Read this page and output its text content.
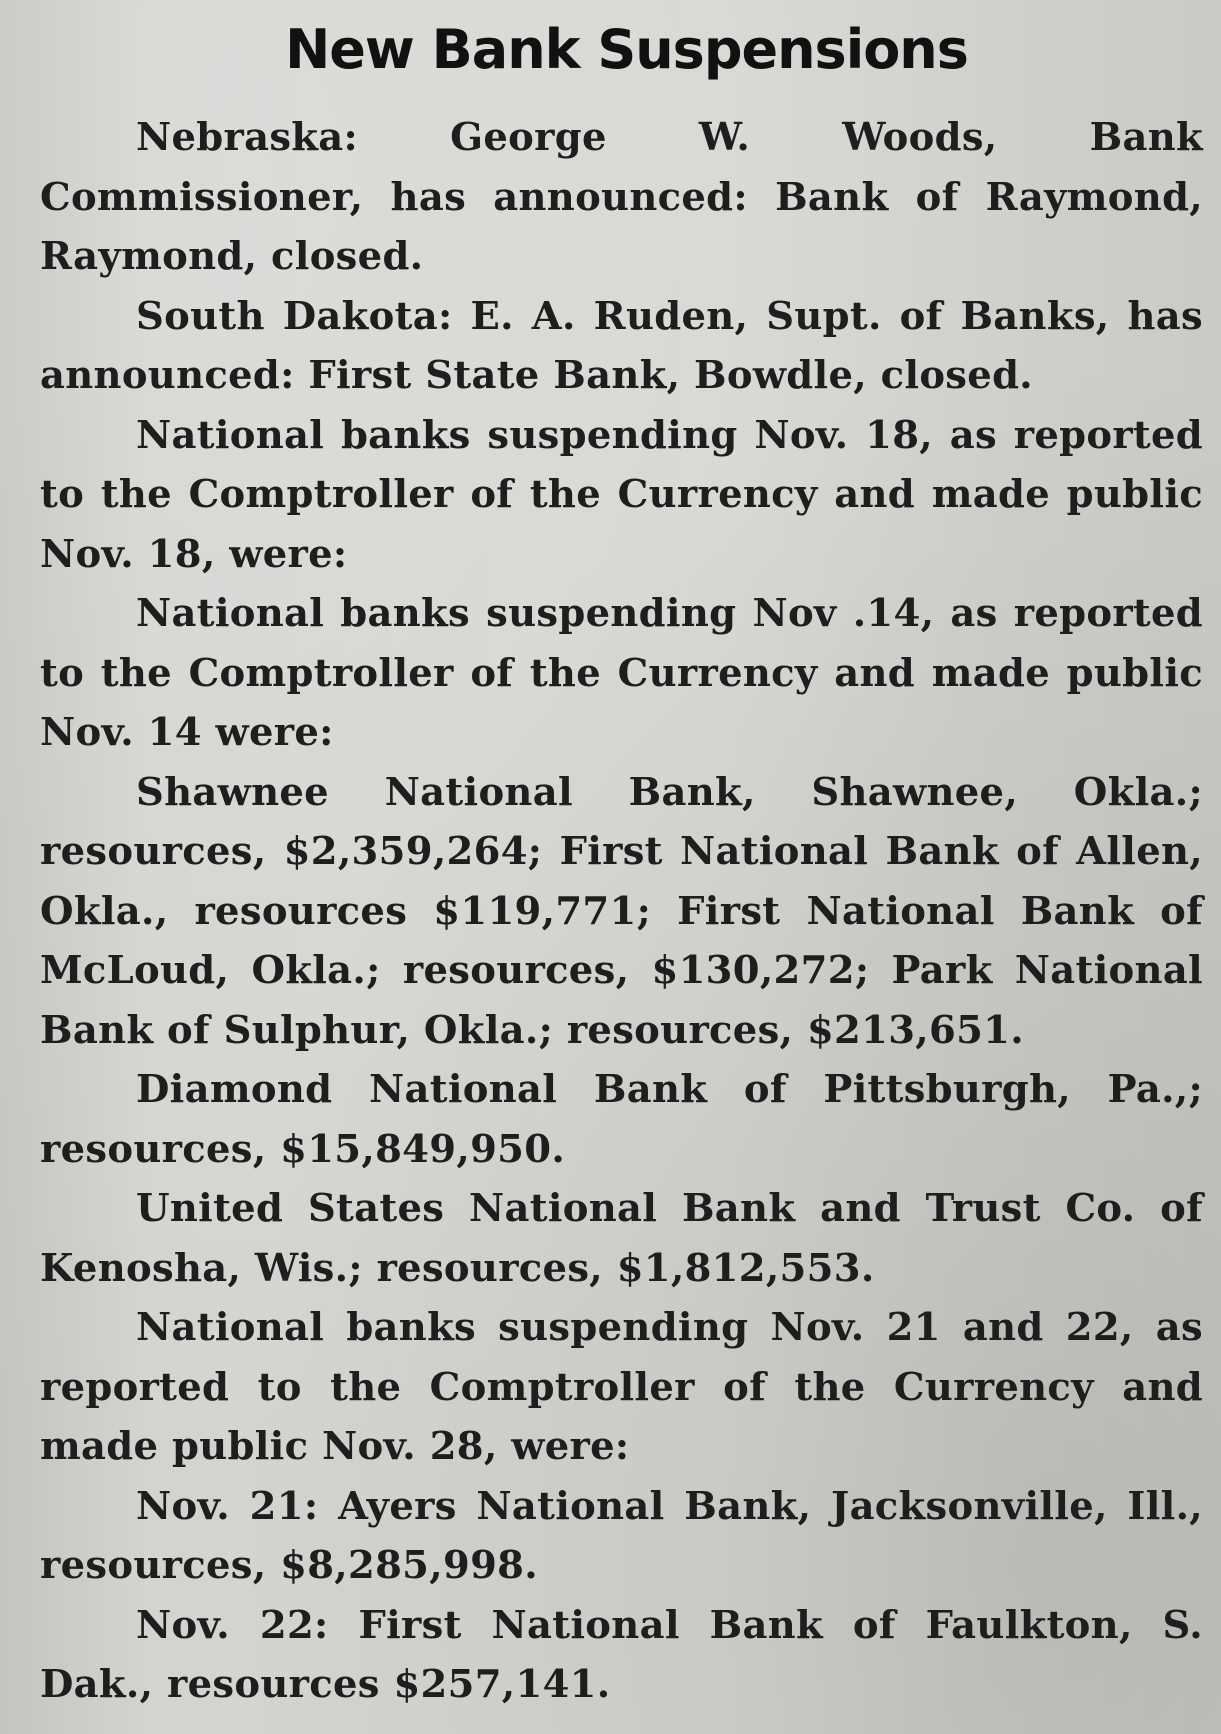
New Bank Suspensions

Nebraska: George W. Woods, Bank Commissioner, has announced: Bank of Raymond, Raymond, closed.

South Dakota: E. A. Ruden, Supt. of Banks, has announced: First State Bank, Bowdle, closed.

National banks suspending Nov. 18, as reported to the Comptroller of the Currency and made public Nov. 18, were:

National banks suspending Nov .14, as reported to the Comptroller of the Currency and made public Nov. 14 were:

Shawnee National Bank, Shawnee, Okla.; resources, $2,359,264; First National Bank of Allen, Okla., resources $119,771; First National Bank of McLoud, Okla.; resources, $130,272; Park National Bank of Sulphur, Okla.; resources, $213,651.

Diamond National Bank of Pittsburgh, Pa.,; resources, $15,849,950.

United States National Bank and Trust Co. of Kenosha, Wis.; resources, $1,812,553.

National banks suspending Nov. 21 and 22, as reported to the Comptroller of the Currency and made public Nov. 28, were:

Nov. 21: Ayers National Bank, Jacksonville, Ill., resources, $8,285,998.

Nov. 22: First National Bank of Faulkton, S. Dak., resources $257,141.
